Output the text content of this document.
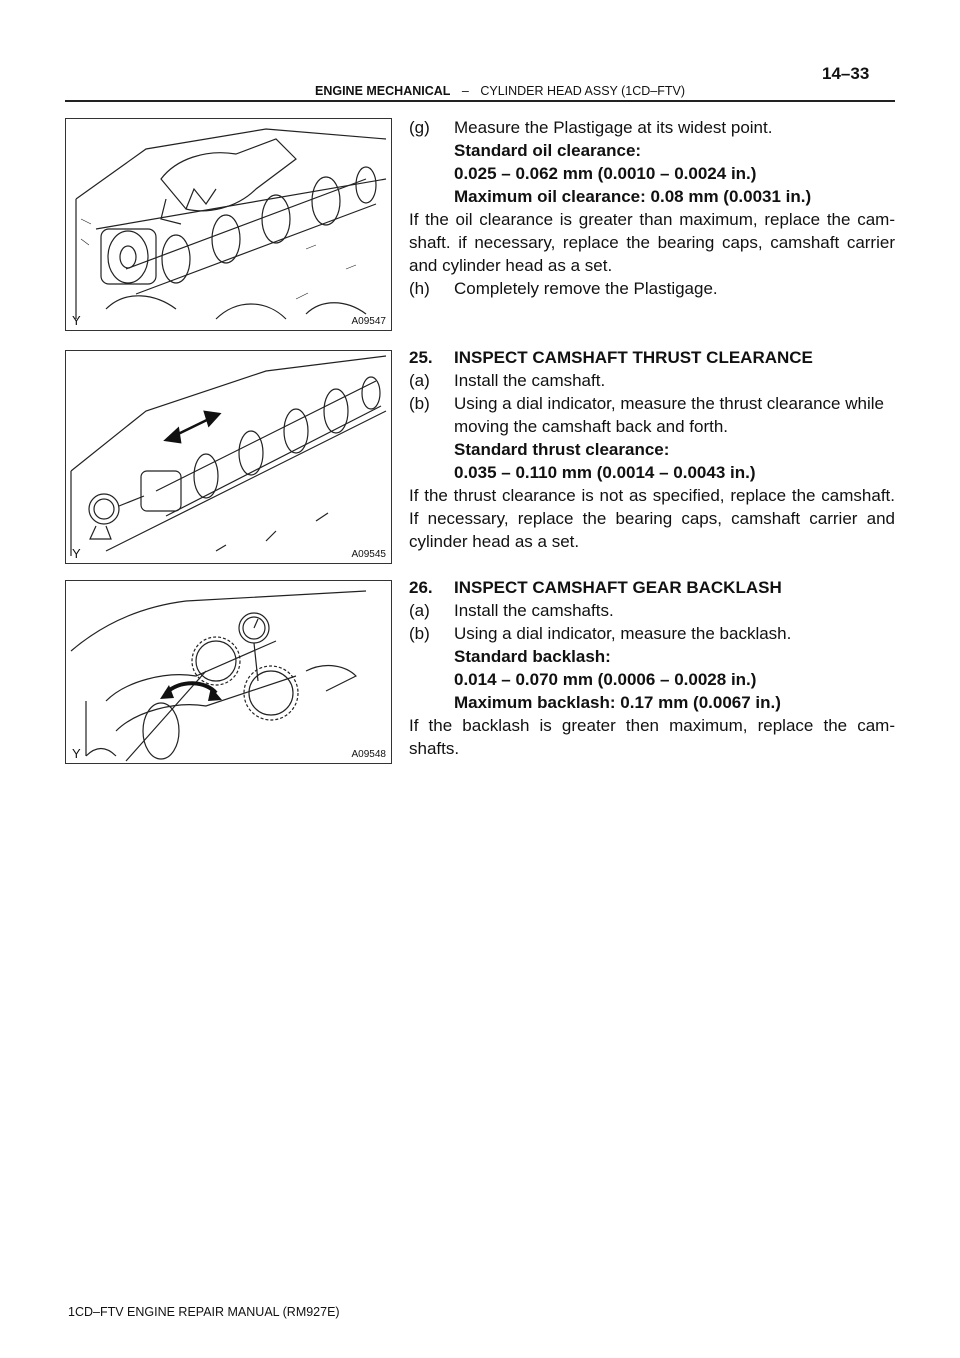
14–33
ENGINE MECHANICAL – CYLINDER HEAD ASSY (1CD–FTV)
Y	A09547
Y	A09545
Y	A09548
(g) Measure the Plastigage at its widest point.
Standard oil clearance:
0.025 – 0.062 mm (0.0010 – 0.0024 in.)
Maximum oil clearance: 0.08 mm (0.0031 in.)
If the oil clearance is greater than maximum, replace the cam-
shaft. if necessary, replace the bearing caps, camshaft carrier
and cylinder head as a set.
(h) Completely remove the Plastigage.
25. INSPECT CAMSHAFT THRUST CLEARANCE
(a) Install the camshaft.
(b) Using a dial indicator, measure the thrust clearance while
moving the camshaft back and forth.
Standard thrust clearance:
0.035 – 0.110 mm (0.0014 – 0.0043 in.)
If the thrust clearance is not as specified, replace the camshaft.
If necessary, replace the bearing caps, camshaft carrier and
cylinder head as a set.
26. INSPECT CAMSHAFT GEAR BACKLASH
(a) Install the camshafts.
(b) Using a dial indicator, measure the backlash.
Standard backlash:
0.014 – 0.070 mm (0.0006 – 0.0028 in.)
Maximum backlash: 0.17 mm (0.0067 in.)
If the backlash is greater then maximum, replace the cam-
shafts.
1CD–FTV ENGINE REPAIR MANUAL (RM927E)
